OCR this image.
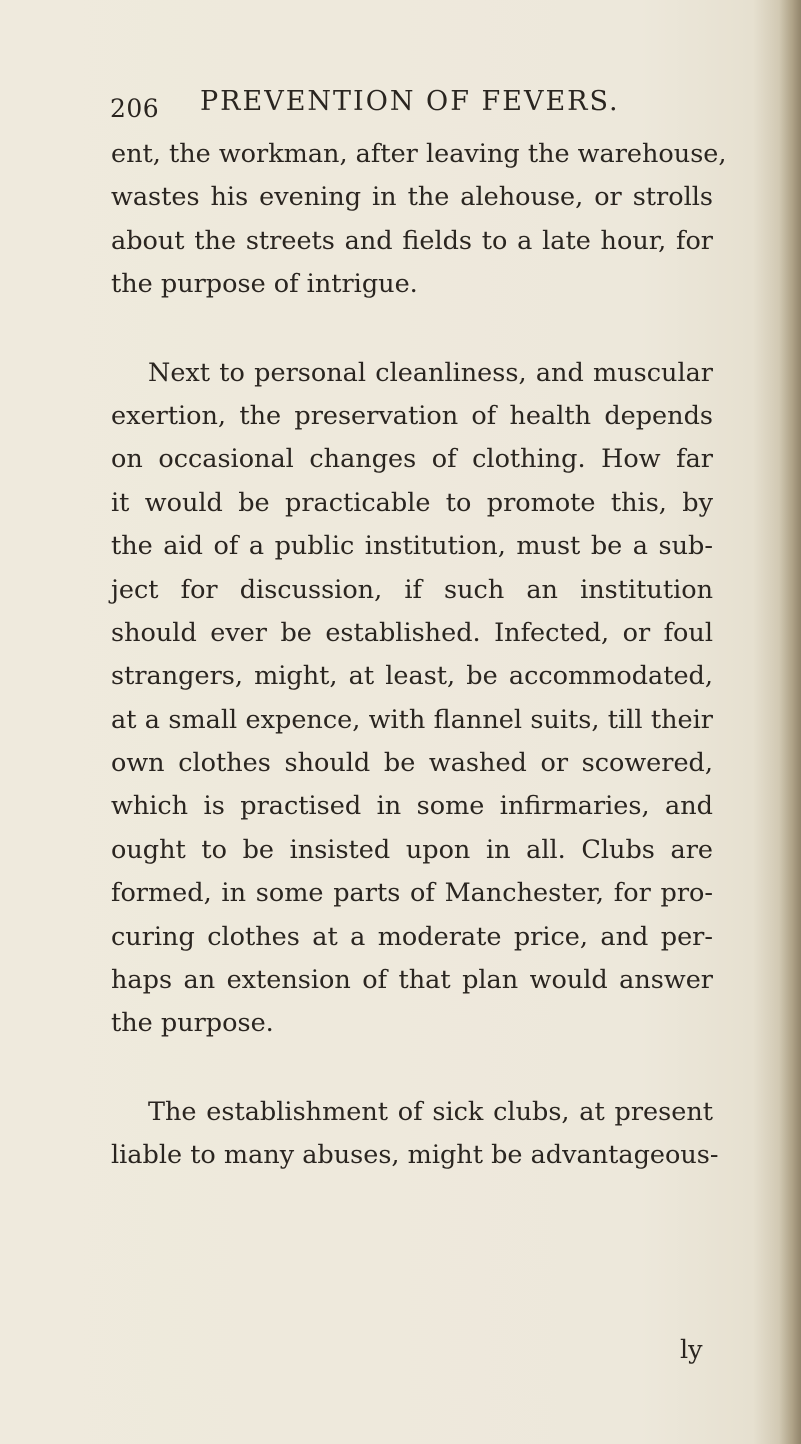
206 PREVENTION OF FEVERS.
ent, the workman, after leaving the warehouse,
wastes his evening in the alehouse, or strolls
about the streets and fields to a late hour, for
the purpose of intrigue.
Next to personal cleanliness, and muscular
exertion, the preservation of health depends
on occasional changes of clothing. How far
it would be practicable to promote this, by
the aid of a public institution, must be a sub-
ject for discussion, if such an institution
should ever be established. Infected, or foul
strangers, might, at least, be accommodated,
at a small expence, with flannel suits, till their
own clothes should be washed or scowered,
which is practised in some infirmaries, and
ought to be insisted upon in all. Clubs are
formed, in some parts of Manchester, for pro-
curing clothes at a moderate price, and per-
haps an extension of that plan would answer
the purpose.
The establishment of sick clubs, at present
liable to many abuses, might be advantageous-
ly
